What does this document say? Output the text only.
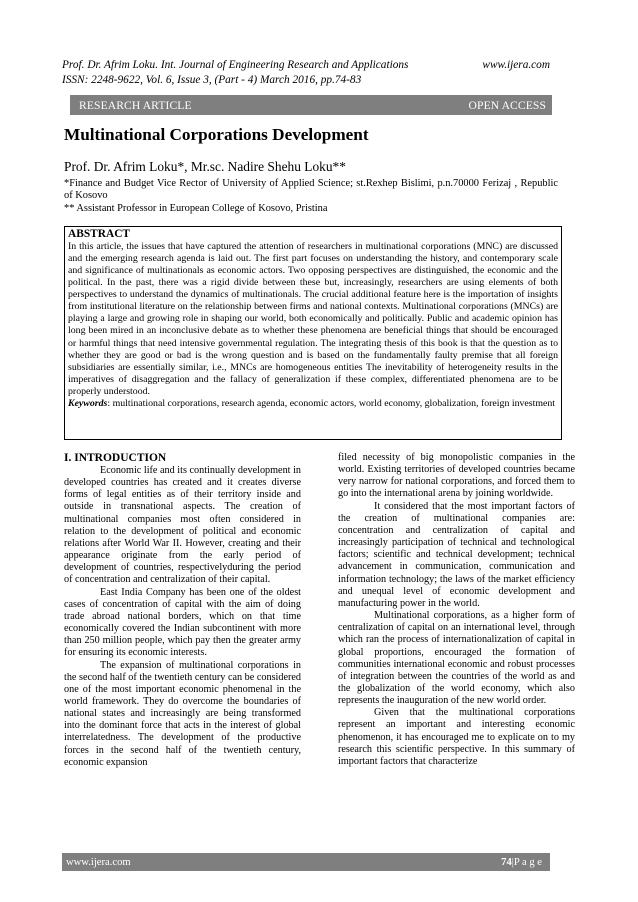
Prof. Dr. Afrim Loku. Int. Journal of Engineering Research and Applications	www.ijera.com
ISSN: 2248-9622, Vol. 6, Issue 3, (Part - 4) March 2016, pp.74-83
RESEARCH ARTICLE	OPEN ACCESS
Multinational Corporations Development
Prof. Dr. Afrim Loku*, Mr.sc. Nadire Shehu Loku**

*Finance and Budget Vice Rector of University of Applied Science; st.Rexhep Bislimi, p.n.70000 Ferizaj , Republic of Kosovo

** Assistant Professor in European College of Kosovo, Pristina

ABSTRACT

In this article, the issues that have captured the attention of researchers in multinational corporations (MNC) are discussed and the emerging research agenda is laid out. The first part focuses on understanding the history, and contemporary scale and significance of multinationals as economic actors. Two opposing perspectives are distinguished, the economic and the political. In the past, there was a rigid divide between these but, increasingly, researchers are using elements of both perspectives to understand the dynamics of multinationals. The crucial additional feature here is the importation of insights from institutional literature on the relationship between firms and national contexts. Multinational corporations (MNCs) are playing a large and growing role in shaping our world, both economically and politically. Public and academic opinion has long been mired in an inconclusive debate as to whether these phenomena are beneficial things that should be encouraged or harmful things that need intensive governmental regulation. The integrating thesis of this book is that the question as to whether they are good or bad is the wrong question and is based on the fundamentally faulty premise that all foreign subsidiaries are essentially similar, i.e., MNCs are homogeneous entities The inevitability of heterogeneity results in the imperatives of disaggregation and the fallacy of generalization if these complex, differentiated phenomena are to be properly understood.

Keywords: multinational corporations, research agenda, economic actors, world economy, globalization, foreign investment

I. INTRODUCTION

Economic life and its continually development in developed countries has created and it creates diverse forms of legal entities as of their territory inside and outside in transnational aspects. The creation of multinational companies most often considered in relation to the development of political and economic relations after World War II. However, creating and their appearance originate from the early period of development of countries, respectivelyduring the period of concentration and centralization of their capital.

East India Company has been one of the oldest cases of concentration of capital with the aim of doing trade abroad national borders, which on that time economically covered the Indian subcontinent with more than 250 million people, which pay then the greater army for ensuring its economic interests.

The expansion of multinational corporations in the second half of the twentieth century can be considered one of the most important economic phenomenal in the world framework. They do overcome the boundaries of national states and increasingly are being transformed into the dominant force that acts in the interest of global interrelatedness. The development of the productive forces in the second half of the twentieth century, economic expansion

filed necessity of big monopolistic companies in the world. Existing territories of developed countries became very narrow for national corporations, and forced them to go into the international arena by joining worldwide.

It considered that the most important factors of the creation of multinational companies are: concentration and centralization of capital and increasingly participation of technical and technological factors; scientific and technical development; technical advancement in communication, communication and information technology; the laws of the market efficiency and unequal level of economic development and manufacturing power in the world.

Multinational corporations, as a higher form of centralization of capital on an international level, through which ran the process of internationalization of capital in global proportions, encouraged the formation of communities international economic and robust processes of integration between the countries of the world as and the globalization of the world economy, which also represents the inauguration of the new world order.

Given that the multinational corporations represent an important and interesting economic phenomenon, it has encouraged me to explicate on to my research this scientific perspective. In this summary of important factors that characterize

www.ijera.com	74|P a g e
